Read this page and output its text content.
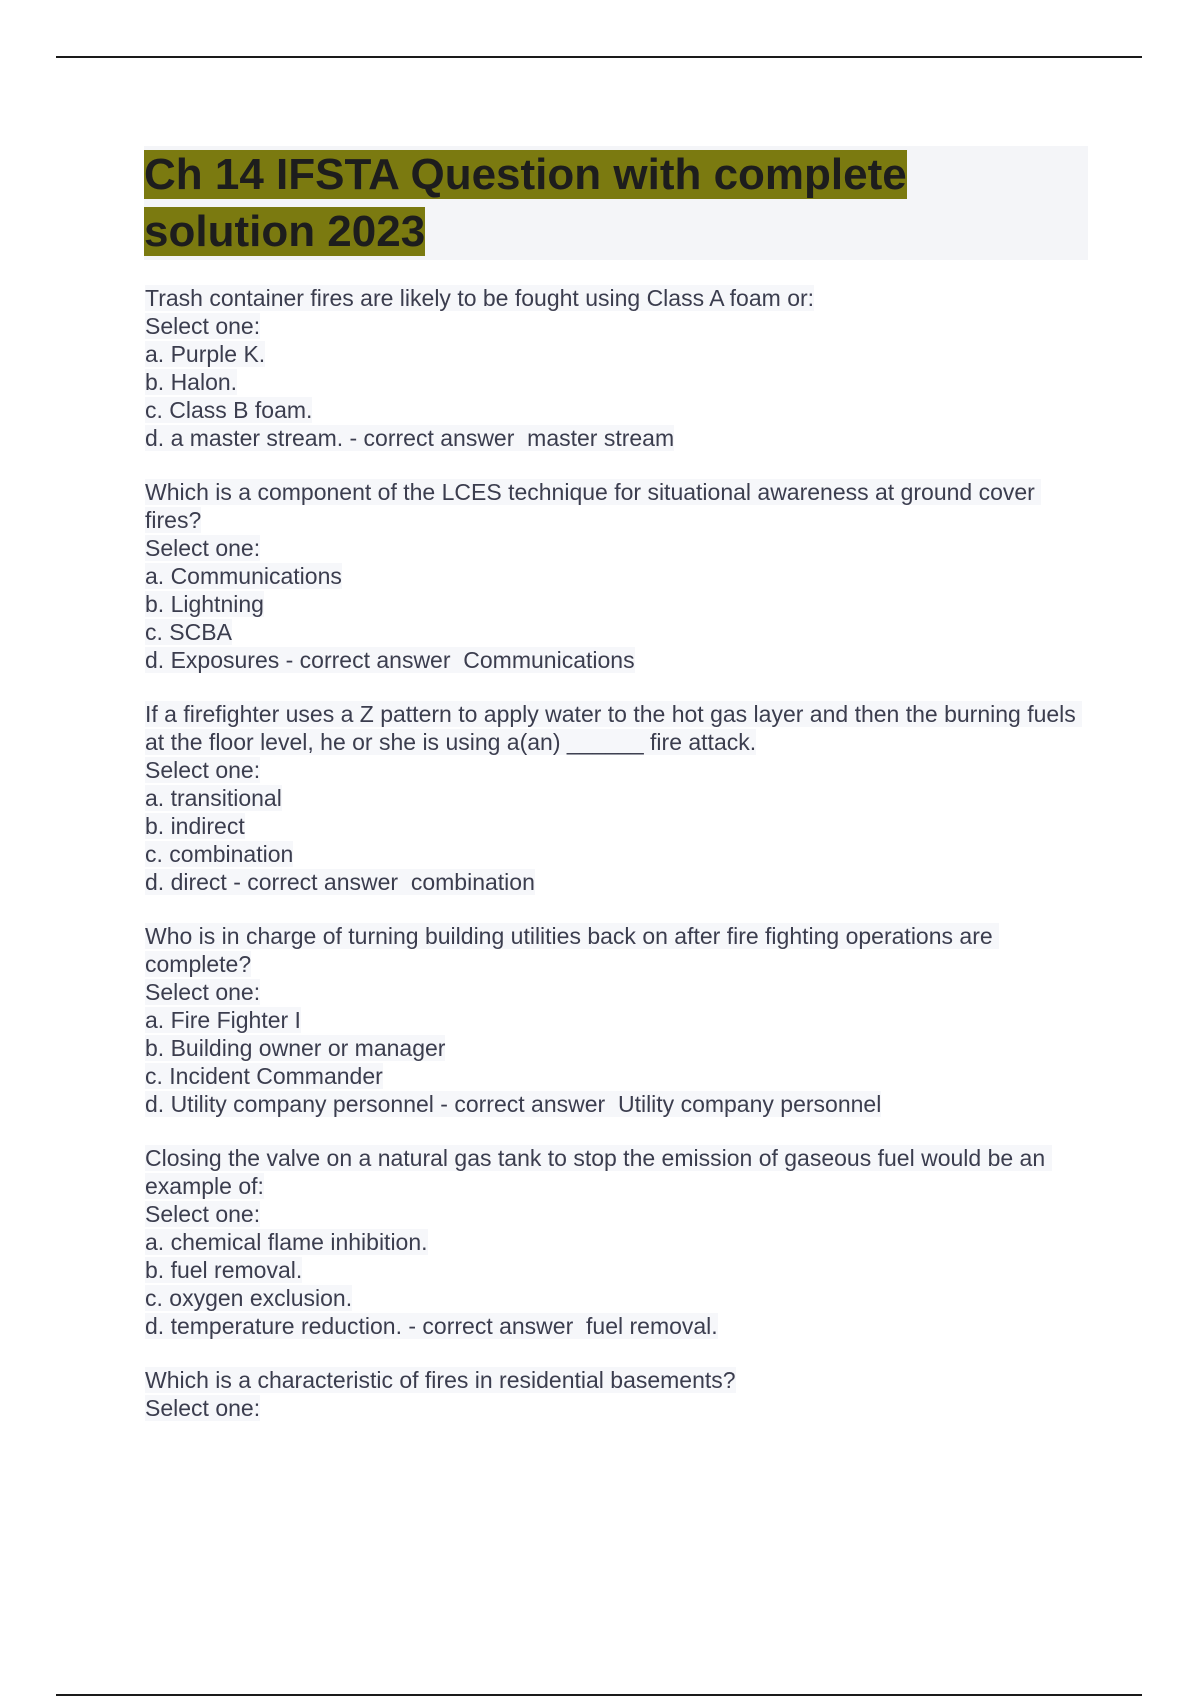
Ch 14 IFSTA Question with complete solution 2023
Trash container fires are likely to be fought using Class A foam or:
Select one:
a. Purple K.
b. Halon.
c. Class B foam.
d. a master stream. - correct answer  master stream
Which is a component of the LCES technique for situational awareness at ground cover fires?
Select one:
a. Communications
b. Lightning
c. SCBA
d. Exposures - correct answer  Communications
If a firefighter uses a Z pattern to apply water to the hot gas layer and then the burning fuels at the floor level, he or she is using a(an) ______ fire attack.
Select one:
a. transitional
b. indirect
c. combination
d. direct - correct answer  combination
Who is in charge of turning building utilities back on after fire fighting operations are complete?
Select one:
a. Fire Fighter I
b. Building owner or manager
c. Incident Commander
d. Utility company personnel - correct answer  Utility company personnel
Closing the valve on a natural gas tank to stop the emission of gaseous fuel would be an example of:
Select one:
a. chemical flame inhibition.
b. fuel removal.
c. oxygen exclusion.
d. temperature reduction. - correct answer  fuel removal.
Which is a characteristic of fires in residential basements?
Select one:
